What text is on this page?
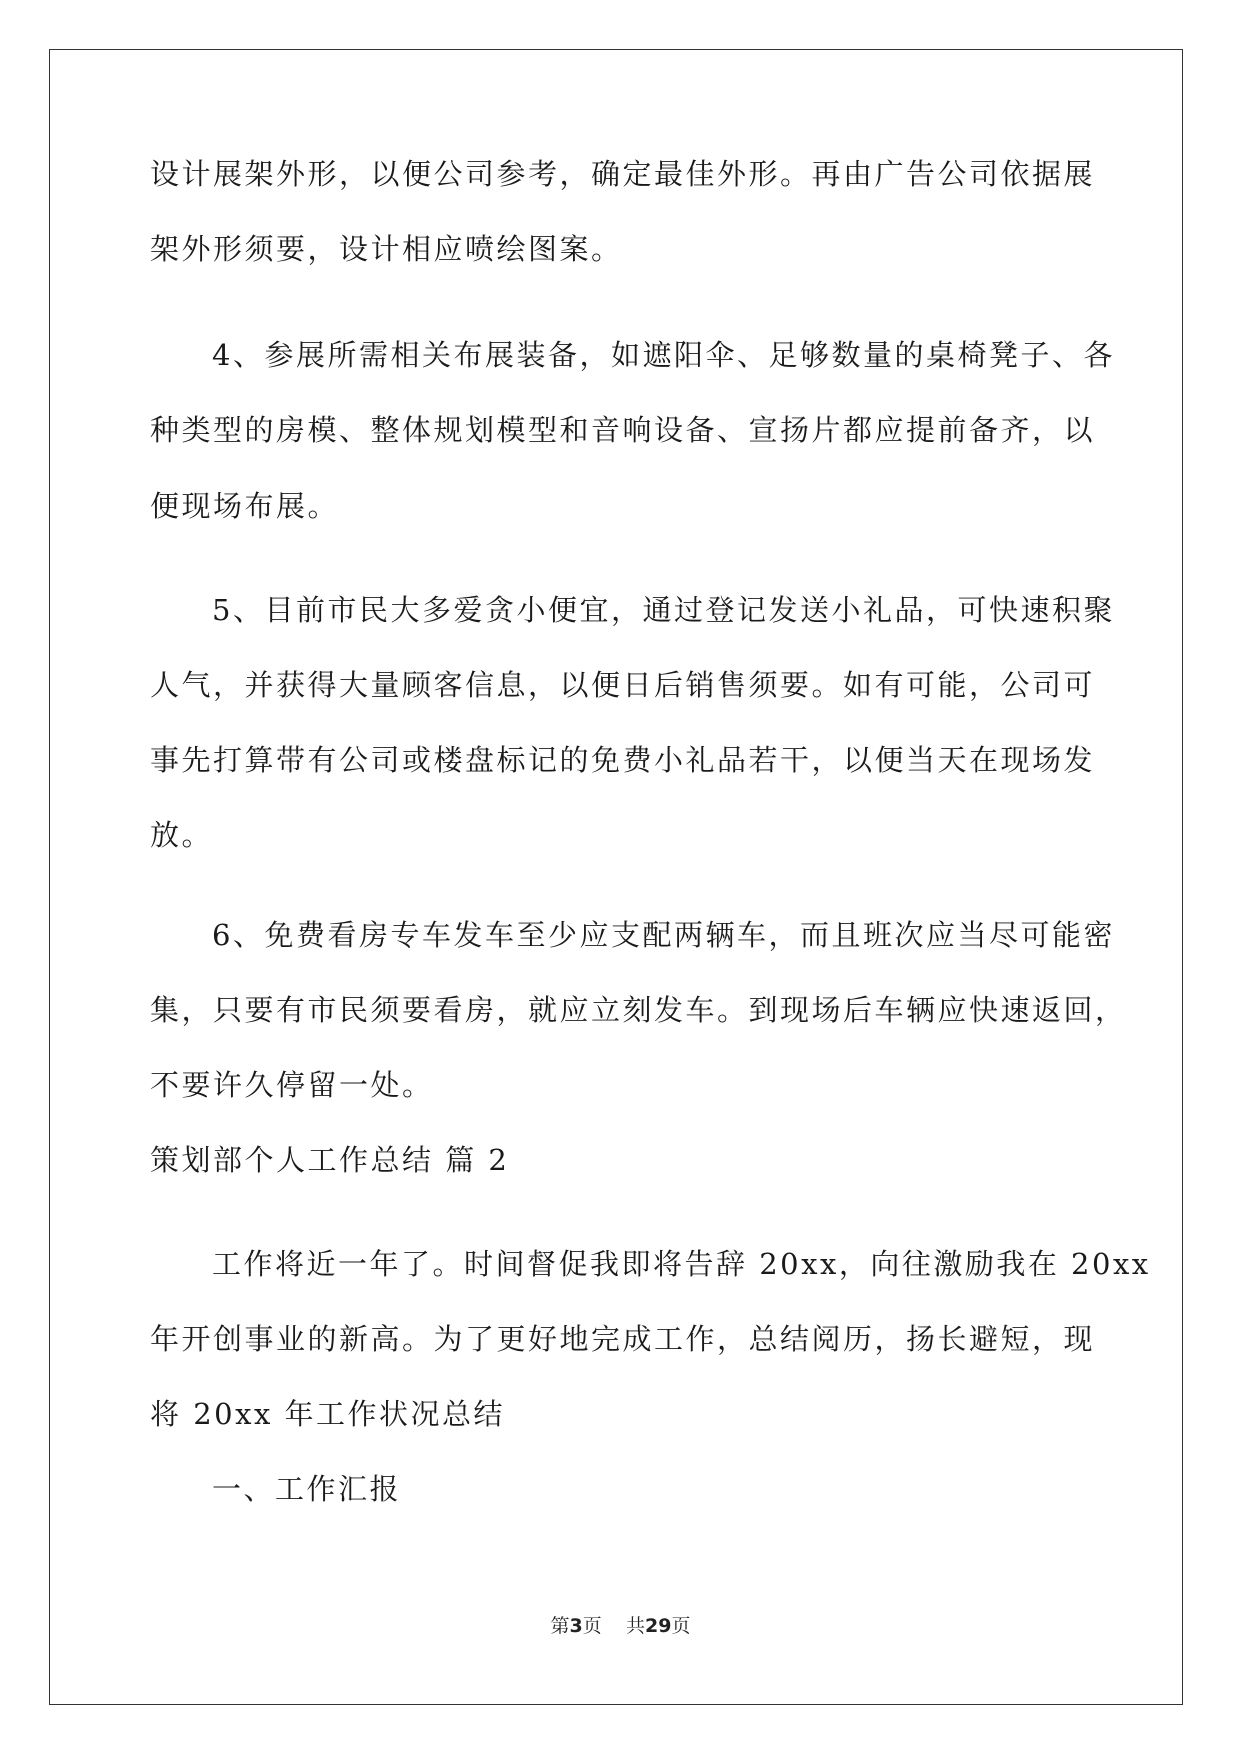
设计展架外形，以便公司参考，确定最佳外形。再由广告公司依据展
架外形须要，设计相应喷绘图案。
4、参展所需相关布展装备，如遮阳伞、足够数量的桌椅凳子、各
种类型的房模、整体规划模型和音响设备、宣扬片都应提前备齐，以
便现场布展。
5、目前市民大多爱贪小便宜，通过登记发送小礼品，可快速积聚
人气，并获得大量顾客信息，以便日后销售须要。如有可能，公司可
事先打算带有公司或楼盘标记的免费小礼品若干，以便当天在现场发
放。
6、免费看房专车发车至少应支配两辆车，而且班次应当尽可能密
集，只要有市民须要看房，就应立刻发车。到现场后车辆应快速返回，
不要许久停留一处。
策划部个人工作总结 篇 2
工作将近一年了。时间督促我即将告辞 20xx，向往激励我在 20xx
年开创事业的新高。为了更好地完成工作，总结阅历，扬长避短，现
将 20xx 年工作状况总结
一、工作汇报
第3页 共29页
